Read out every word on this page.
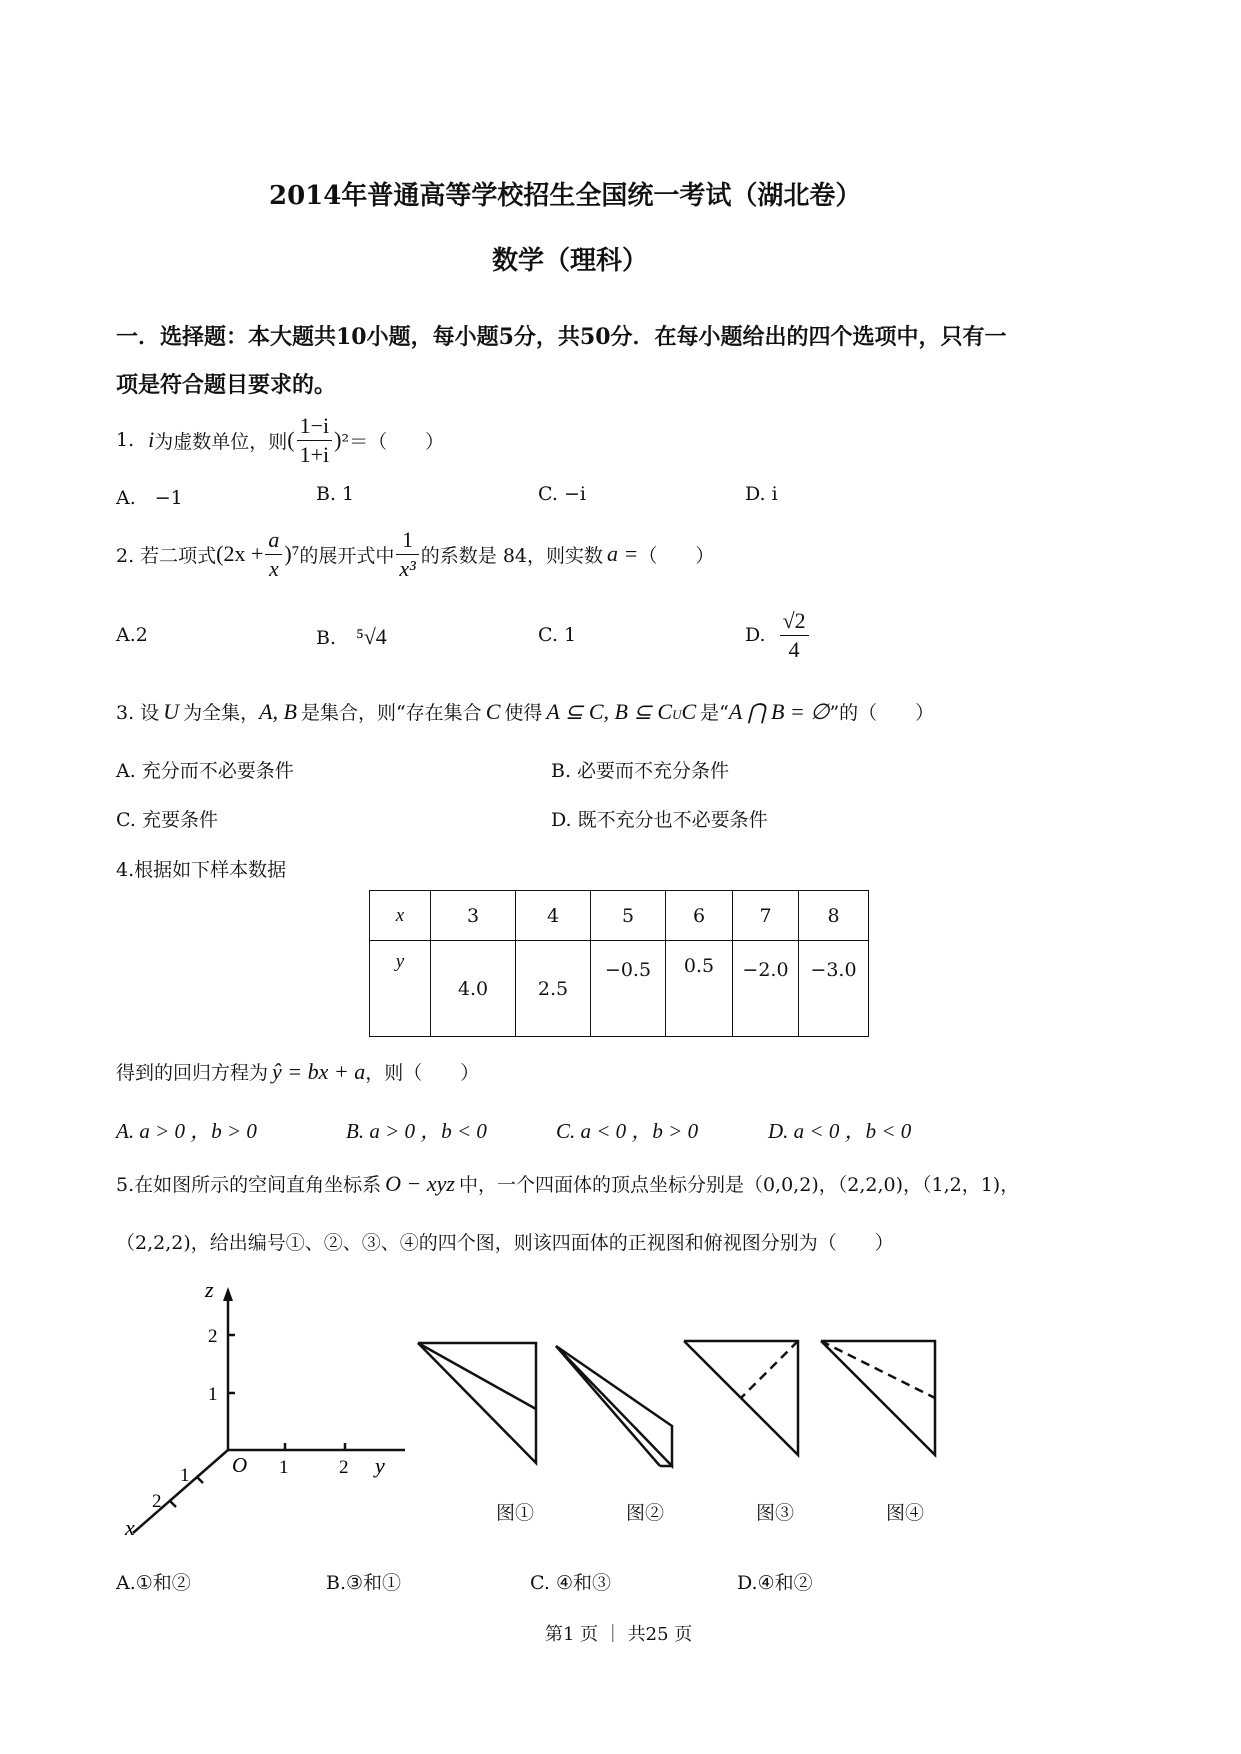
2014年普通高等学校招生全国统一考试（湖北卷）
数学（理科）
一．选择题：本大题共10小题，每小题5分，共50分．在每小题给出的四个选项中，只有一
项是符合题目要求的。
1. i 为虚数单位，则 ( $\frac{1-i}{1+i}$ ) ²＝（　　）
A.　−1	B. 1	C. −i	D. i
2. 若二项式 $(2x + \frac{a}{x} )^7$ 的展开式中 $\frac{1}{\text{x³}}$ 的系数是 84，则实数 a = （　　）
A.2	B. ⁵√4	C. 1	D. $\frac{√2}{4}$
3. 设 U 为全集， A, B 是集合，则“存在集合 C 使得 A ⊆ C, B ⊆ C U C 是“ A ⋂ B = ∅ ”的（　　）
A. 充分而不必要条件	B. 必要而不充分条件
C. 充要条件	D. 既不充分也不必要条件
4.根据如下样本数据
x	3	4	5	6	7	8
y	4.0	2.5	−0.5	0.5	−2.0	−3.0
得到的回归方程为 ŷ = bx + a ，则（　　）
A. a > 0 ，b > 0	B. a > 0 ，b < 0	C. a < 0 ，b > 0	D. a < 0 ，b < 0
5.在如图所示的空间直角坐标系 O − xyz 中，一个四面体的顶点坐标分别是（0,0,2)，（2,2,0)，（1,2，1)，
（2,2,2)，给出编号①、②、③、④的四个图，则该四面体的正视图和俯视图分别为（　　）
z
2
1
O 1	2 y
1
2
x
图①	图②	图③	图④
A.①和②	B.③和①	C. ④和③	D.④和②
第1 页 ｜ 共25 页
